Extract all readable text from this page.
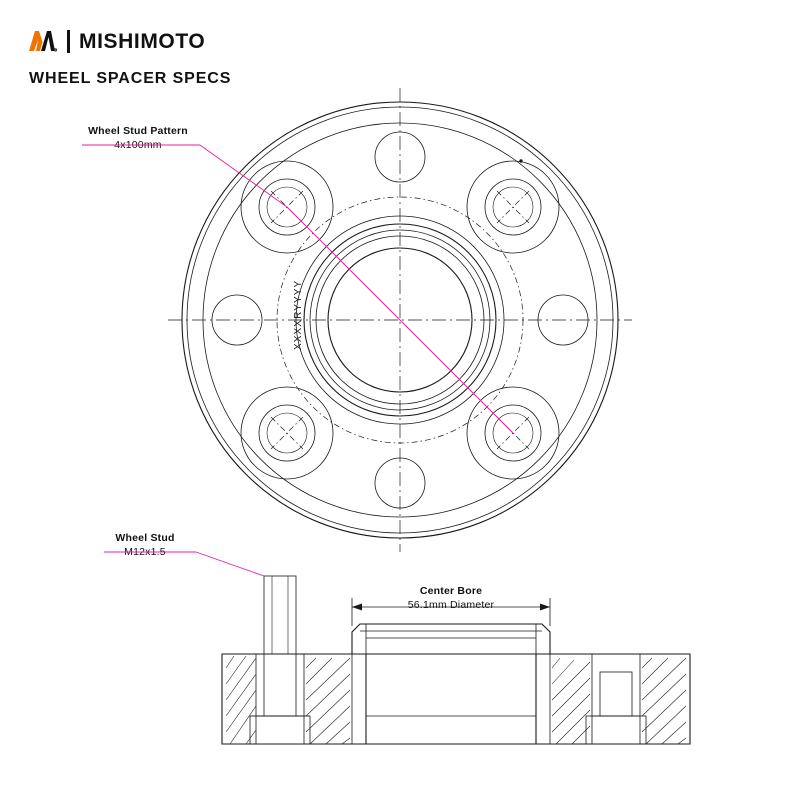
R MISHIMOTO
WHEEL SPACER SPECS
Wheel Stud Pattern
4x100mm
Wheel Stud
M12x1.5
Center Bore
56.1mm Diameter
XXXXRYYYY
